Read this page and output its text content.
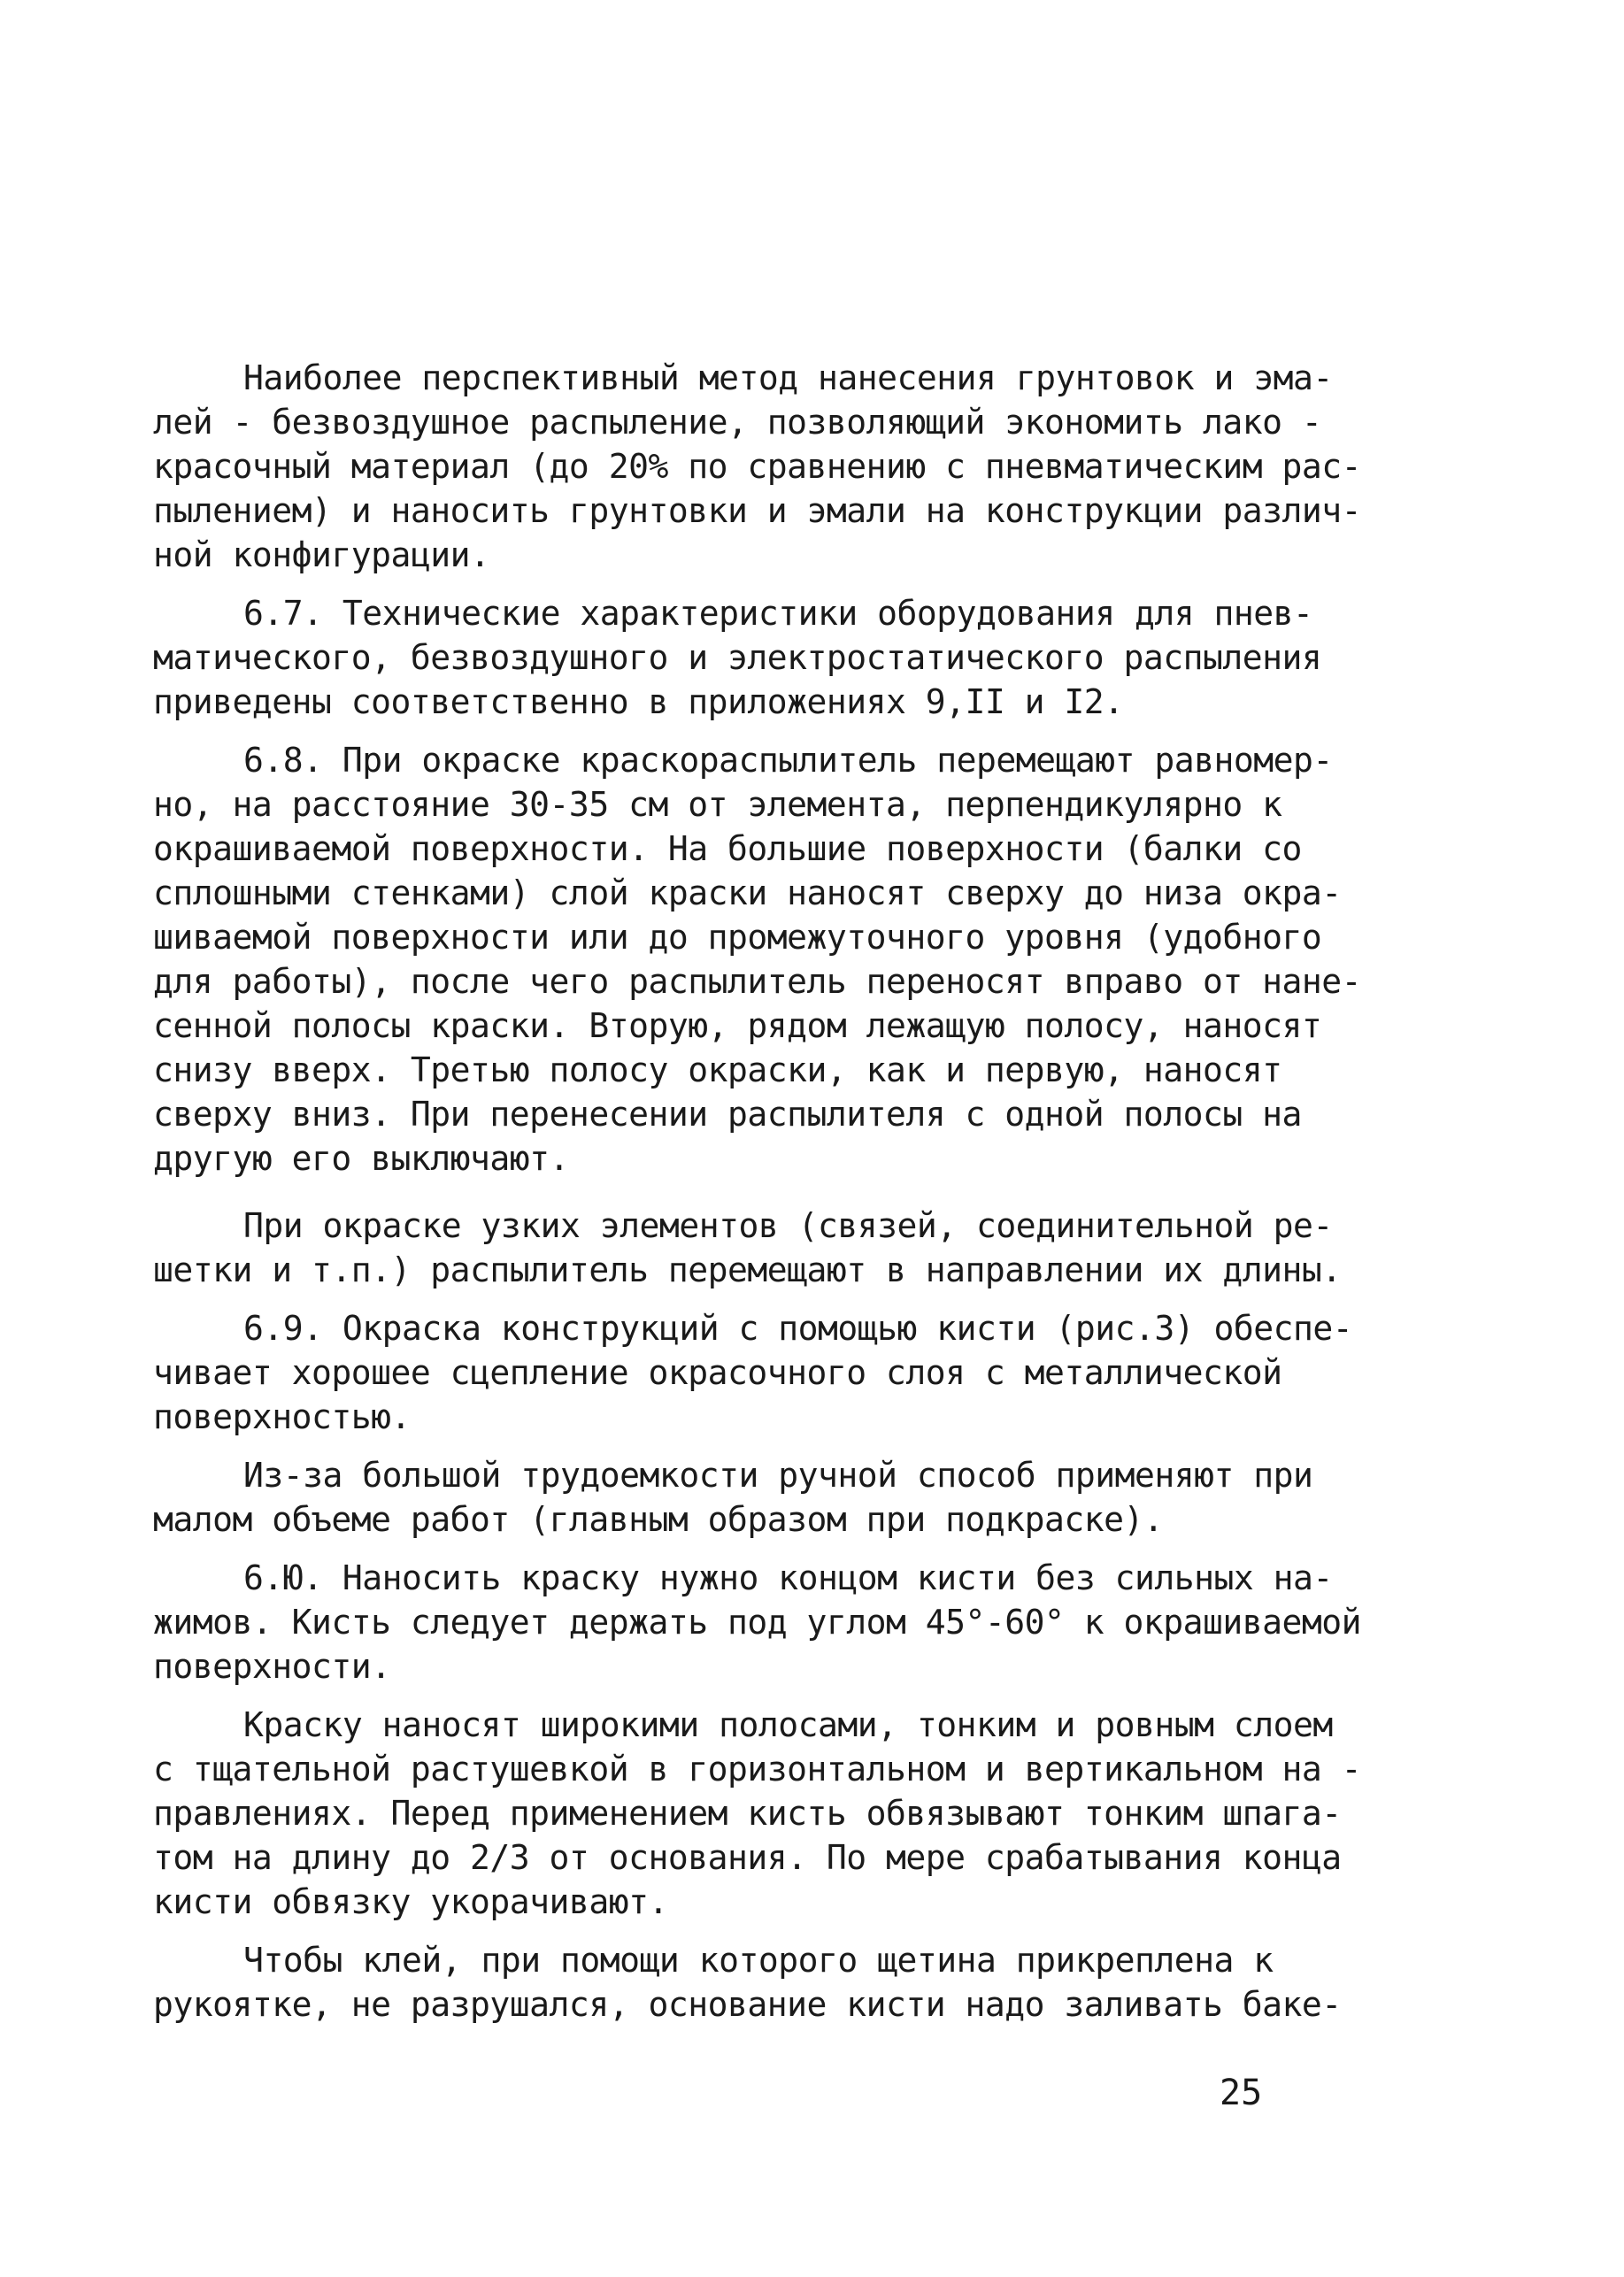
Наиболее перспективный метод нанесения грунтовок и эма-
лей - безвоздушное распыление, позволяющий экономить лако -
красочный материал (до 20% по сравнению с пневматическим рас-
пылением) и наносить грунтовки и эмали на конструкции различ-
ной конфигурации.
6.7. Технические характеристики оборудования для пнев-
матического, безвоздушного и электростатического распыления
приведены соответственно в приложениях 9,II и I2.
6.8. При окраске краскораспылитель перемещают равномер-
но, на расстояние 30-35 см от элемента, перпендикулярно к
окрашиваемой поверхности. На большие поверхности (балки со
сплошными стенками) слой краски наносят сверху до низа окра-
шиваемой поверхности или до промежуточного уровня (удобного
для работы), после чего распылитель переносят вправо от нане-
сенной полосы краски. Вторую, рядом лежащую полосу, наносят
снизу вверх. Третью полосу окраски, как и первую, наносят
сверху вниз. При перенесении распылителя с одной полосы на
другую его выключают.
При окраске узких элементов (связей, соединительной ре-
шетки и т.п.) распылитель перемещают в направлении их длины.
6.9. Окраска конструкций с помощью кисти (рис.3) обеспе-
чивает хорошее сцепление окрасочного слоя с металлической
поверхностью.
Из-за большой трудоемкости ручной способ применяют при
малом объеме работ (главным образом при подкраске).
6.Ю. Наносить краску нужно концом кисти без сильных на-
жимов. Кисть следует держать под углом 45°-60° к окрашиваемой
поверхности.
Краску наносят широкими полосами, тонким и ровным слоем
с тщательной растушевкой в горизонтальном и вертикальном на -
правлениях. Перед применением кисть обвязывают тонким шпага-
том на длину до 2/3 от основания. По мере срабатывания конца
кисти обвязку укорачивают.
Чтобы клей, при помощи которого щетина прикреплена к
рукоятке, не разрушался, основание кисти надо заливать баке-
25
